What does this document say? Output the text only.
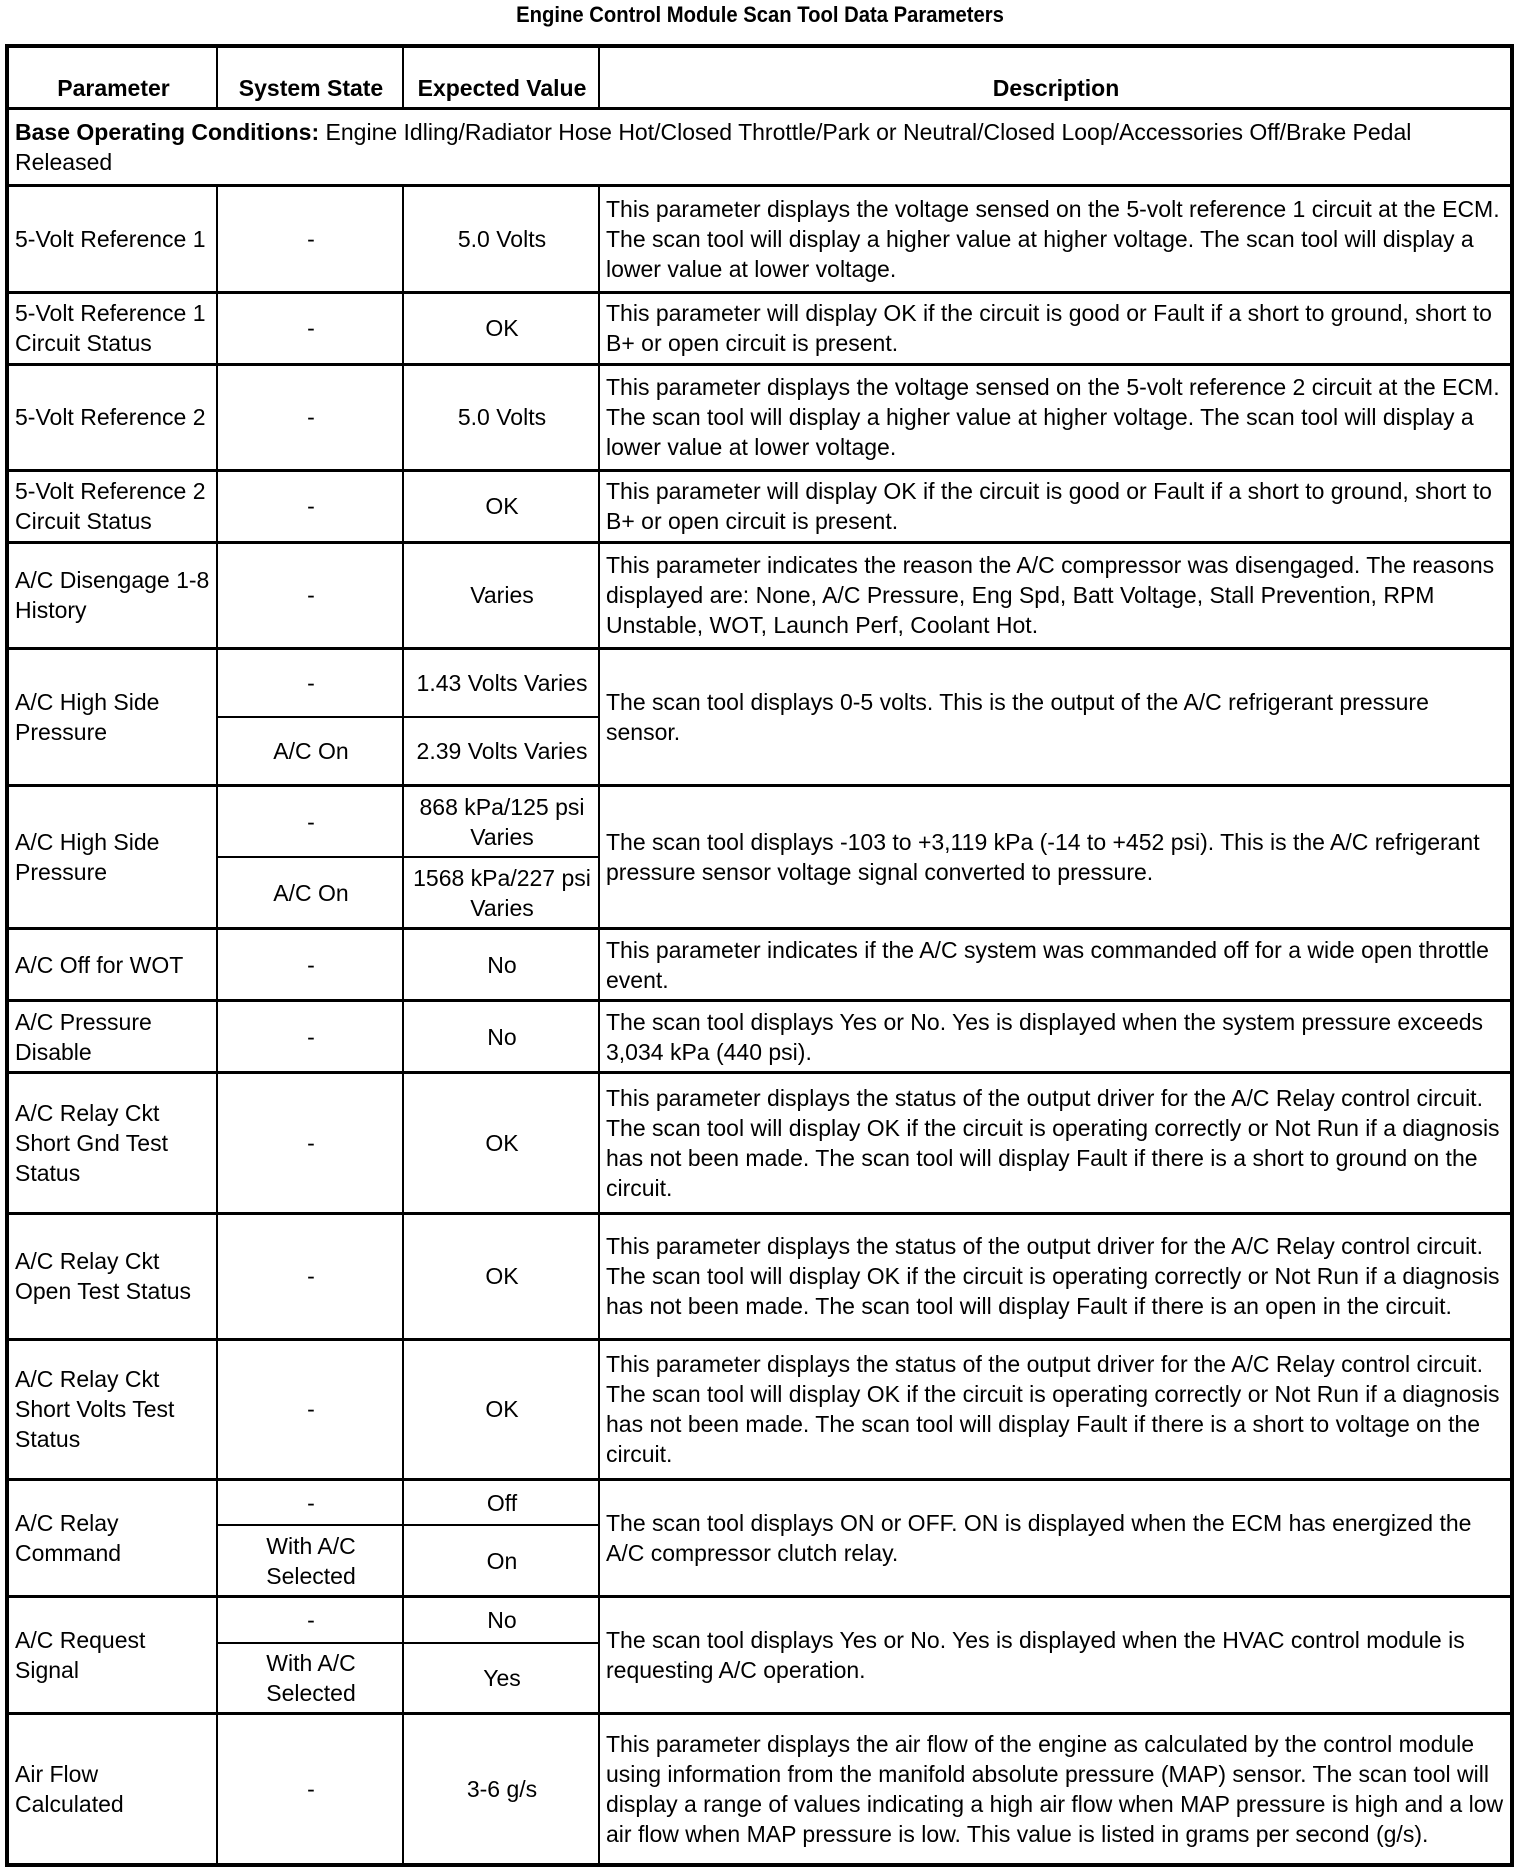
Engine Control Module Scan Tool Data Parameters
Parameter	System State	Expected Value	Description
Base Operating Conditions: Engine Idling/Radiator Hose Hot/Closed Throttle/Park or Neutral/Closed Loop/Accessories Off/Brake Pedal Released			
5-Volt Reference 1	-	5.0 Volts	This parameter displays the voltage sensed on the 5-volt reference 1 circuit at the ECM. The scan tool will display a higher value at higher voltage. The scan tool will display a lower value at lower voltage.
5-Volt Reference 1 Circuit Status	-	OK	This parameter will display OK if the circuit is good or Fault if a short to ground, short to B+ or open circuit is present.
5-Volt Reference 2	-	5.0 Volts	This parameter displays the voltage sensed on the 5-volt reference 2 circuit at the ECM. The scan tool will display a higher value at higher voltage. The scan tool will display a lower value at lower voltage.
5-Volt Reference 2 Circuit Status	-	OK	This parameter will display OK if the circuit is good or Fault if a short to ground, short to B+ or open circuit is present.
A/C Disengage 1-8 History	-	Varies	This parameter indicates the reason the A/C compressor was disengaged. The reasons displayed are: None, A/C Pressure, Eng Spd, Batt Voltage, Stall Prevention, RPM Unstable, WOT, Launch Perf, Coolant Hot.
A/C High Side Pressure	-	1.43 Volts Varies	The scan tool displays 0-5 volts. This is the output of the A/C refrigerant pressure sensor.
	A/C On	2.39 Volts Varies	
A/C High Side Pressure	-	868 kPa/125 psi Varies	The scan tool displays -103 to +3,119 kPa (-14 to +452 psi). This is the A/C refrigerant pressure sensor voltage signal converted to pressure.
	A/C On	1568 kPa/227 psi Varies	
A/C Off for WOT	-	No	This parameter indicates if the A/C system was commanded off for a wide open throttle event.
A/C Pressure Disable	-	No	The scan tool displays Yes or No. Yes is displayed when the system pressure exceeds 3,034 kPa (440 psi).
A/C Relay Ckt Short Gnd Test Status	-	OK	This parameter displays the status of the output driver for the A/C Relay control circuit. The scan tool will display OK if the circuit is operating correctly or Not Run if a diagnosis has not been made. The scan tool will display Fault if there is a short to ground on the circuit.
A/C Relay Ckt Open Test Status	-	OK	This parameter displays the status of the output driver for the A/C Relay control circuit. The scan tool will display OK if the circuit is operating correctly or Not Run if a diagnosis has not been made. The scan tool will display Fault if there is an open in the circuit.
A/C Relay Ckt Short Volts Test Status	-	OK	This parameter displays the status of the output driver for the A/C Relay control circuit. The scan tool will display OK if the circuit is operating correctly or Not Run if a diagnosis has not been made. The scan tool will display Fault if there is a short to voltage on the circuit.
A/C Relay Command	-	Off	The scan tool displays ON or OFF. ON is displayed when the ECM has energized the A/C compressor clutch relay.
	With A/C Selected	On	
A/C Request Signal	-	No	The scan tool displays Yes or No. Yes is displayed when the HVAC control module is requesting A/C operation.
	With A/C Selected	Yes	
Air Flow Calculated	-	3-6 g/s	This parameter displays the air flow of the engine as calculated by the control module using information from the manifold absolute pressure (MAP) sensor. The scan tool will display a range of values indicating a high air flow when MAP pressure is high and a low air flow when MAP pressure is low. This value is listed in grams per second (g/s).
